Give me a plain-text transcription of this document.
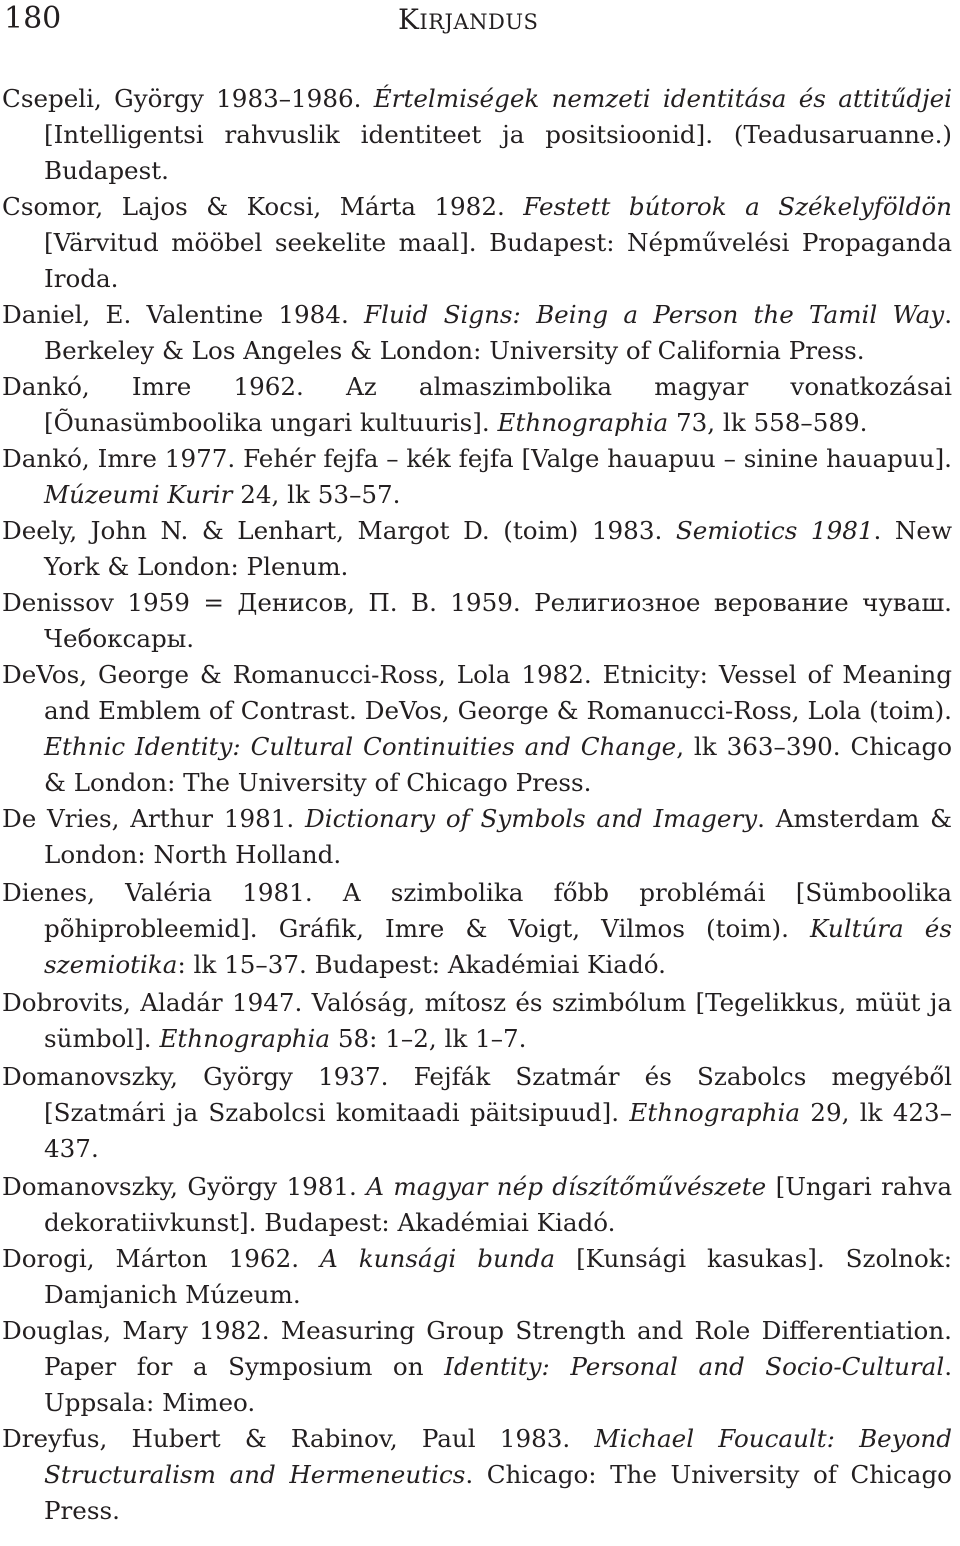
180	KIRJANDUS
Csepeli, György 1983–1986. Értelmiségek nemzeti identitása és attitűdjei [Intelligentsi rahvuslik identiteet ja positsioonid]. (Teadusaruanne.) Budapest.
Csomor, Lajos & Kocsi, Márta 1982. Festett bútorok a Székelyföldön [Värvitud mööbel seekelite maal]. Budapest: Népművelési Propaganda Iroda.
Daniel, E. Valentine 1984. Fluid Signs: Being a Person the Tamil Way. Berkeley & Los Angeles & London: University of California Press.
Dankó, Imre 1962. Az almaszimbolika magyar vonatkozásai [Õunasümboolika ungari kultuuris]. Ethnographia 73, lk 558–589.
Dankó, Imre 1977. Fehér fejfa – kék fejfa [Valge hauapuu – sinine hauapuu]. Múzeumi Kurir 24, lk 53–57.
Deely, John N. & Lenhart, Margot D. (toim) 1983. Semiotics 1981. New York & London: Plenum.
Denissov 1959 = Денисов, П. В. 1959. Религиозное верование чуваш. Чебоксары.
DeVos, George & Romanucci-Ross, Lola 1982. Etnicity: Vessel of Meaning and Emblem of Contrast. DeVos, George & Romanucci-Ross, Lola (toim). Ethnic Identity: Cultural Continuities and Change, lk 363–390. Chicago & London: The University of Chicago Press.
De Vries, Arthur 1981. Dictionary of Symbols and Imagery. Amsterdam & London: North Holland.
Dienes, Valéria 1981. A szimbolika főbb problémái [Sümboolika põhiprobleemid]. Gráfik, Imre & Voigt, Vilmos (toim). Kultúra és szemiotika: lk 15–37. Budapest: Akadémiai Kiadó.
Dobrovits, Aladár 1947. Valóság, mítosz és szimbólum [Tegelikkus, müüt ja sümbol]. Ethnographia 58: 1–2, lk 1–7.
Domanovszky, György 1937. Fejfák Szatmár és Szabolcs megyéből [Szatmári ja Szabolcsi komitaadi päitsipuud]. Ethnographia 29, lk 423–437.
Domanovszky, György 1981. A magyar nép díszítőművészete [Ungari rahva dekoratiivkunst]. Budapest: Akadémiai Kiadó.
Dorogi, Márton 1962. A kunsági bunda [Kunsági kasukas]. Szolnok: Damjanich Múzeum.
Douglas, Mary 1982. Measuring Group Strength and Role Differentiation. Paper for a Symposium on Identity: Personal and Socio-Cultural. Uppsala: Mimeo.
Dreyfus, Hubert & Rabinov, Paul 1983. Michael Foucault: Beyond Structuralism and Hermeneutics. Chicago: The University of Chicago Press.
